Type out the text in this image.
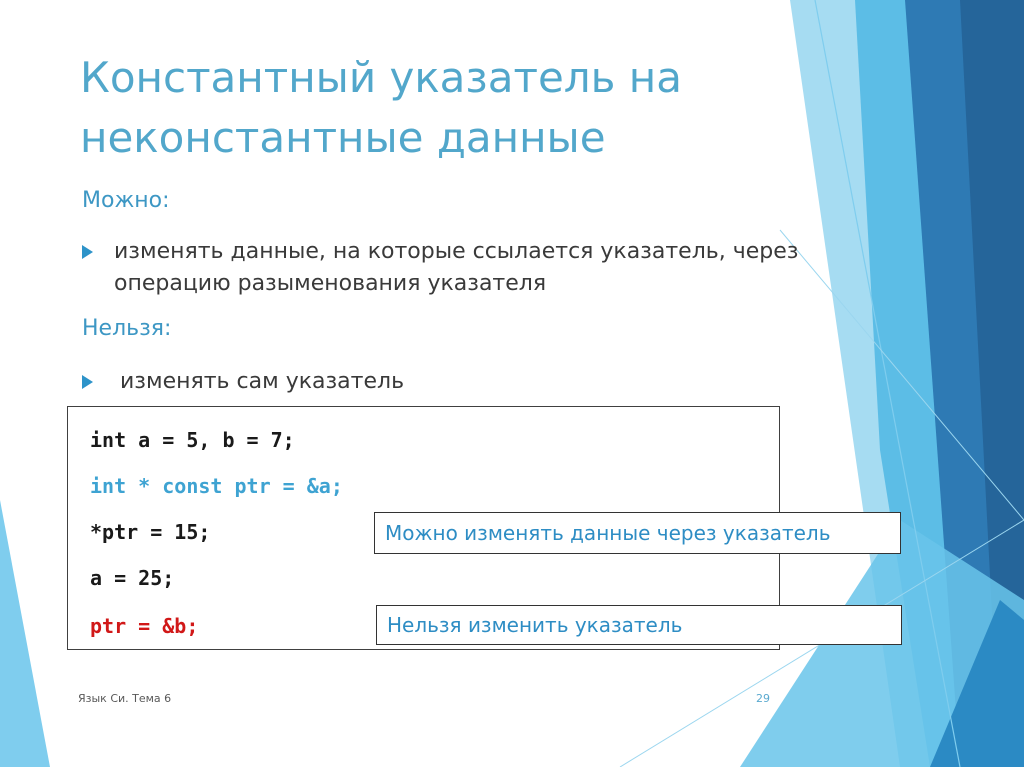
Константный указатель на неконстантные данные
Можно:
изменять данные, на которые ссылается указатель, через операцию разыменования указателя
Нельзя:
изменять сам указатель
int a = 5, b = 7;
int * const ptr = &a;
*ptr = 15;
a = 25;
ptr = &b;
Можно изменять данные через указатель
Нельзя изменить указатель
Язык Си. Тема 6	29
